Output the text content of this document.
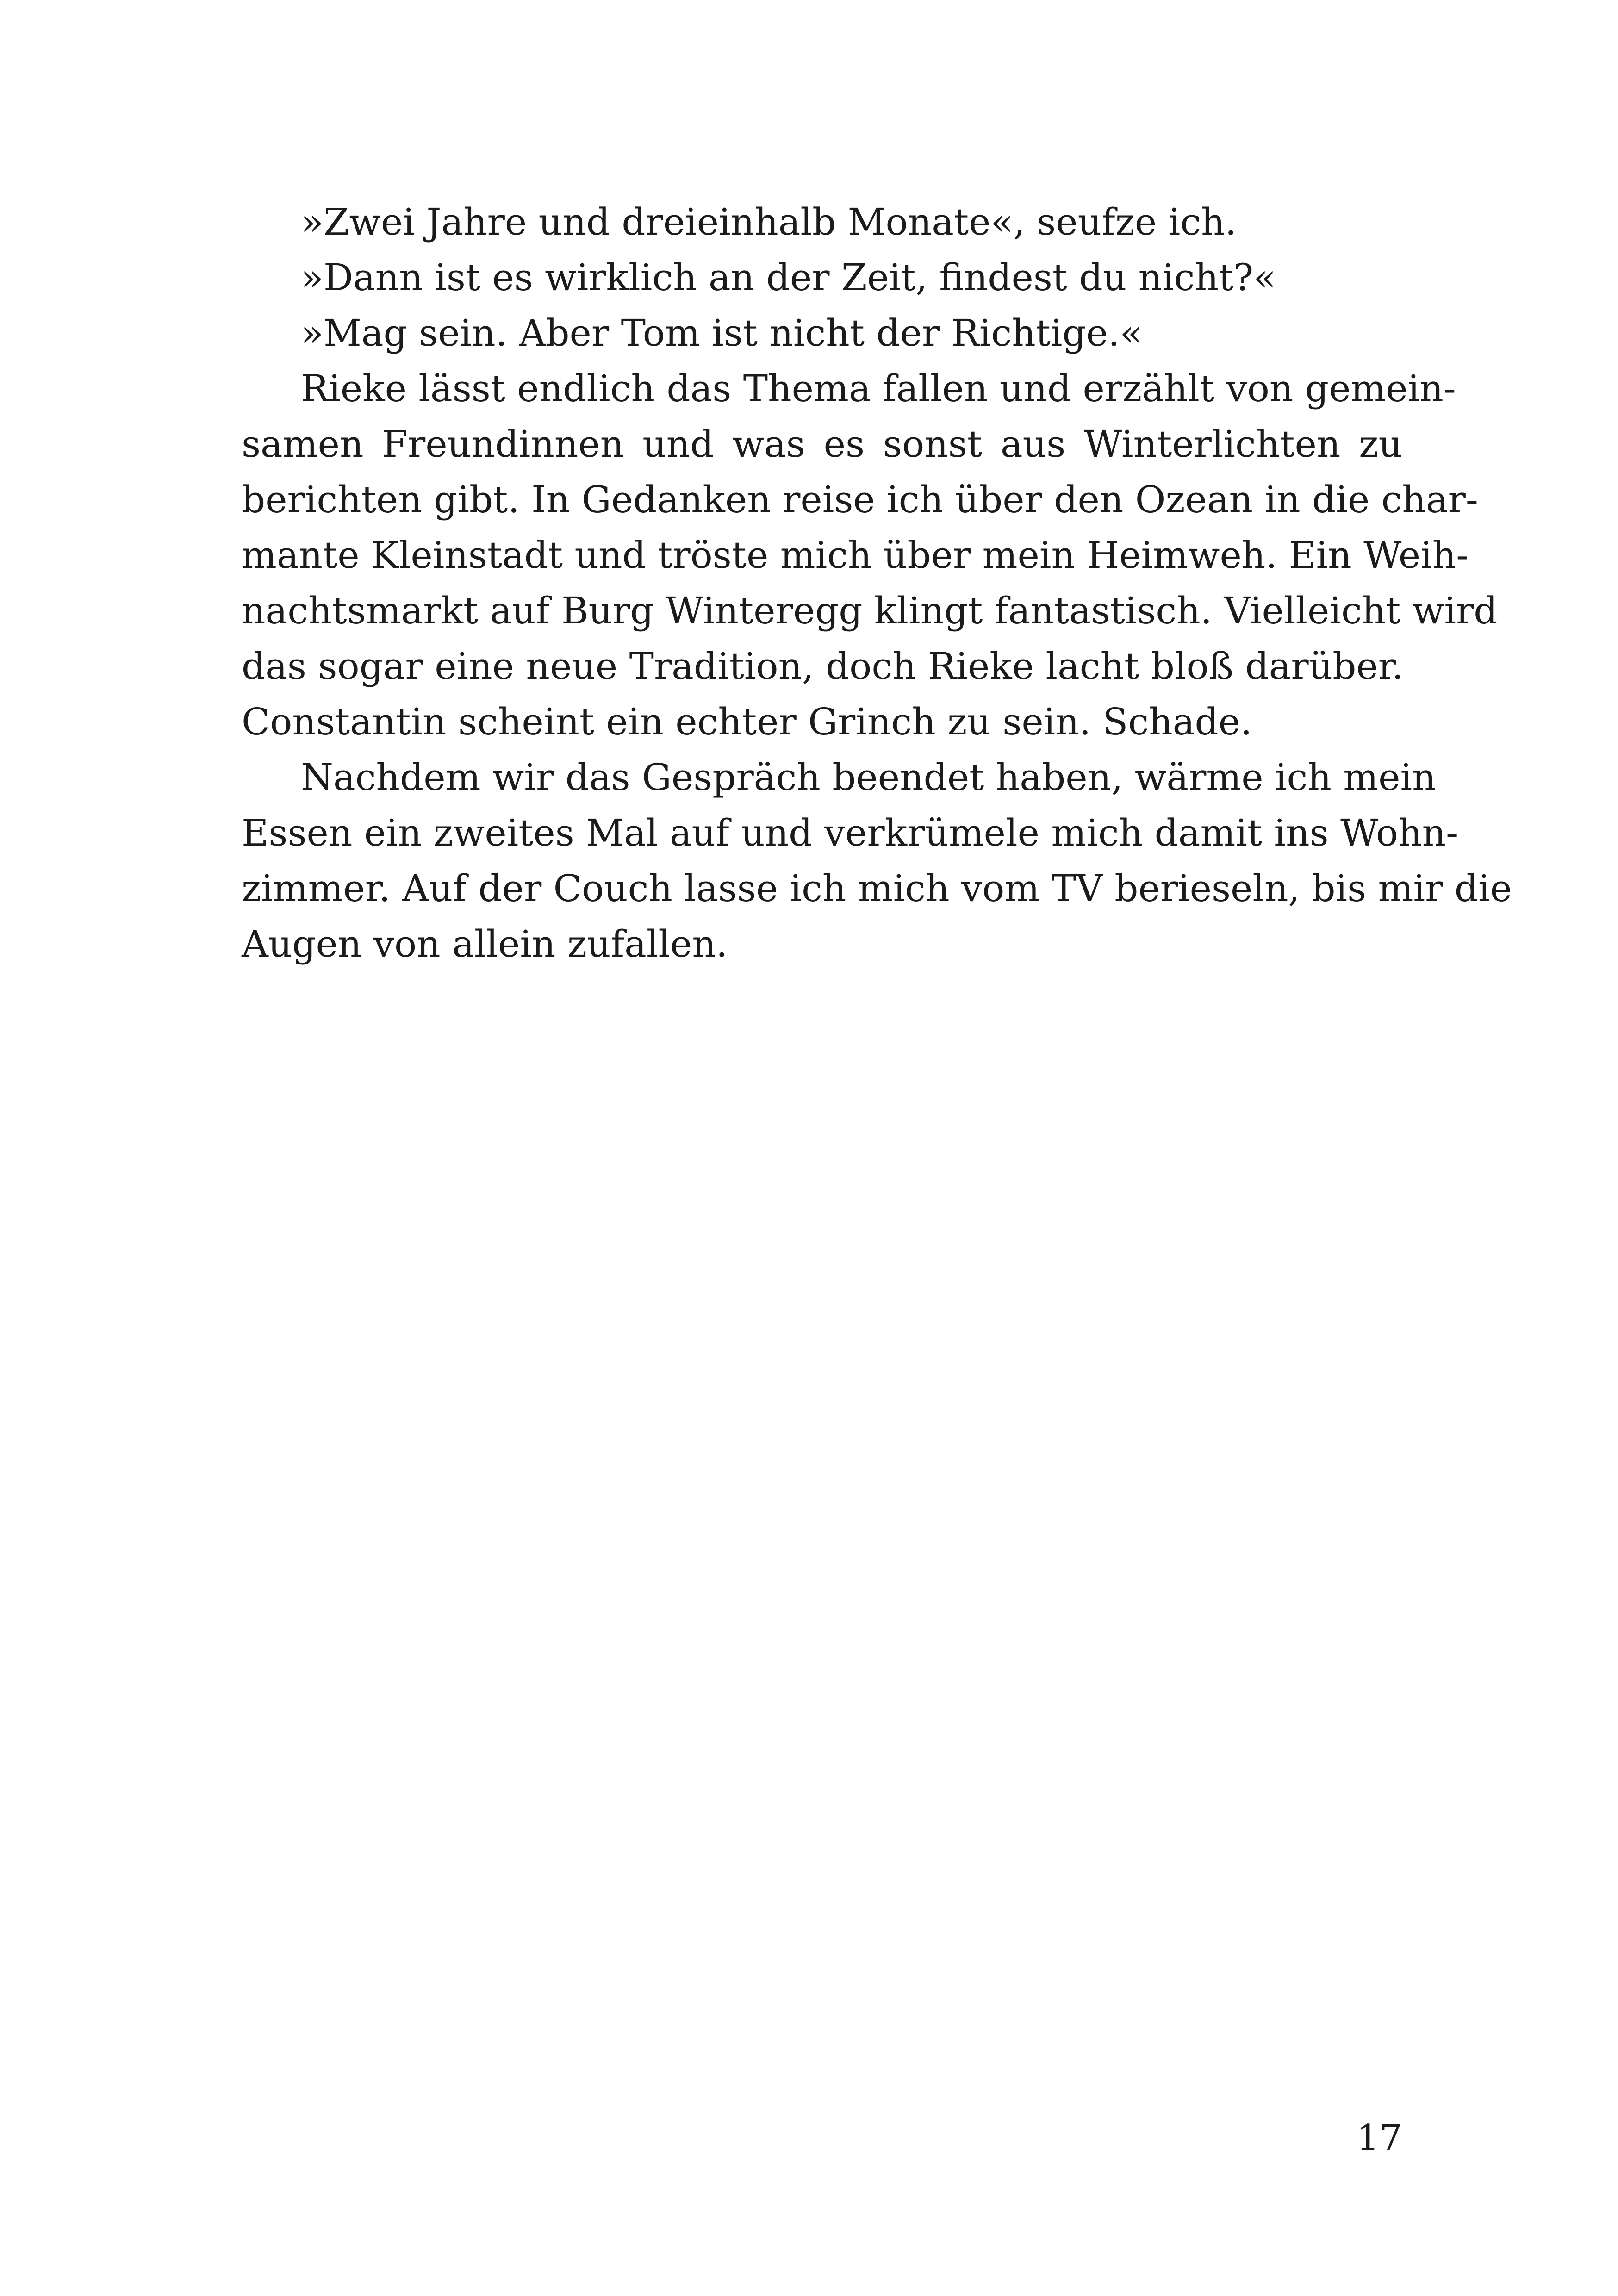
»Zwei Jahre und dreieinhalb Monate«, seufze ich.

»Dann ist es wirklich an der Zeit, findest du nicht?«

»Mag sein. Aber Tom ist nicht der Richtige.«

Rieke lässt endlich das Thema fallen und erzählt von gemein-
samen Freundinnen und was es sonst aus Winterlichten zu
berichten gibt. In Gedanken reise ich über den Ozean in die char-
mante Kleinstadt und tröste mich über mein Heimweh. Ein Weih-
nachtsmarkt auf Burg Winteregg klingt fantastisch. Vielleicht wird
das sogar eine neue Tradition, doch Rieke lacht bloß darüber.
Constantin scheint ein echter Grinch zu sein. Schade.

Nachdem wir das Gespräch beendet haben, wärme ich mein
Essen ein zweites Mal auf und verkrümele mich damit ins Wohn-
zimmer. Auf der Couch lasse ich mich vom TV berieseln, bis mir die
Augen von allein zufallen.

17
